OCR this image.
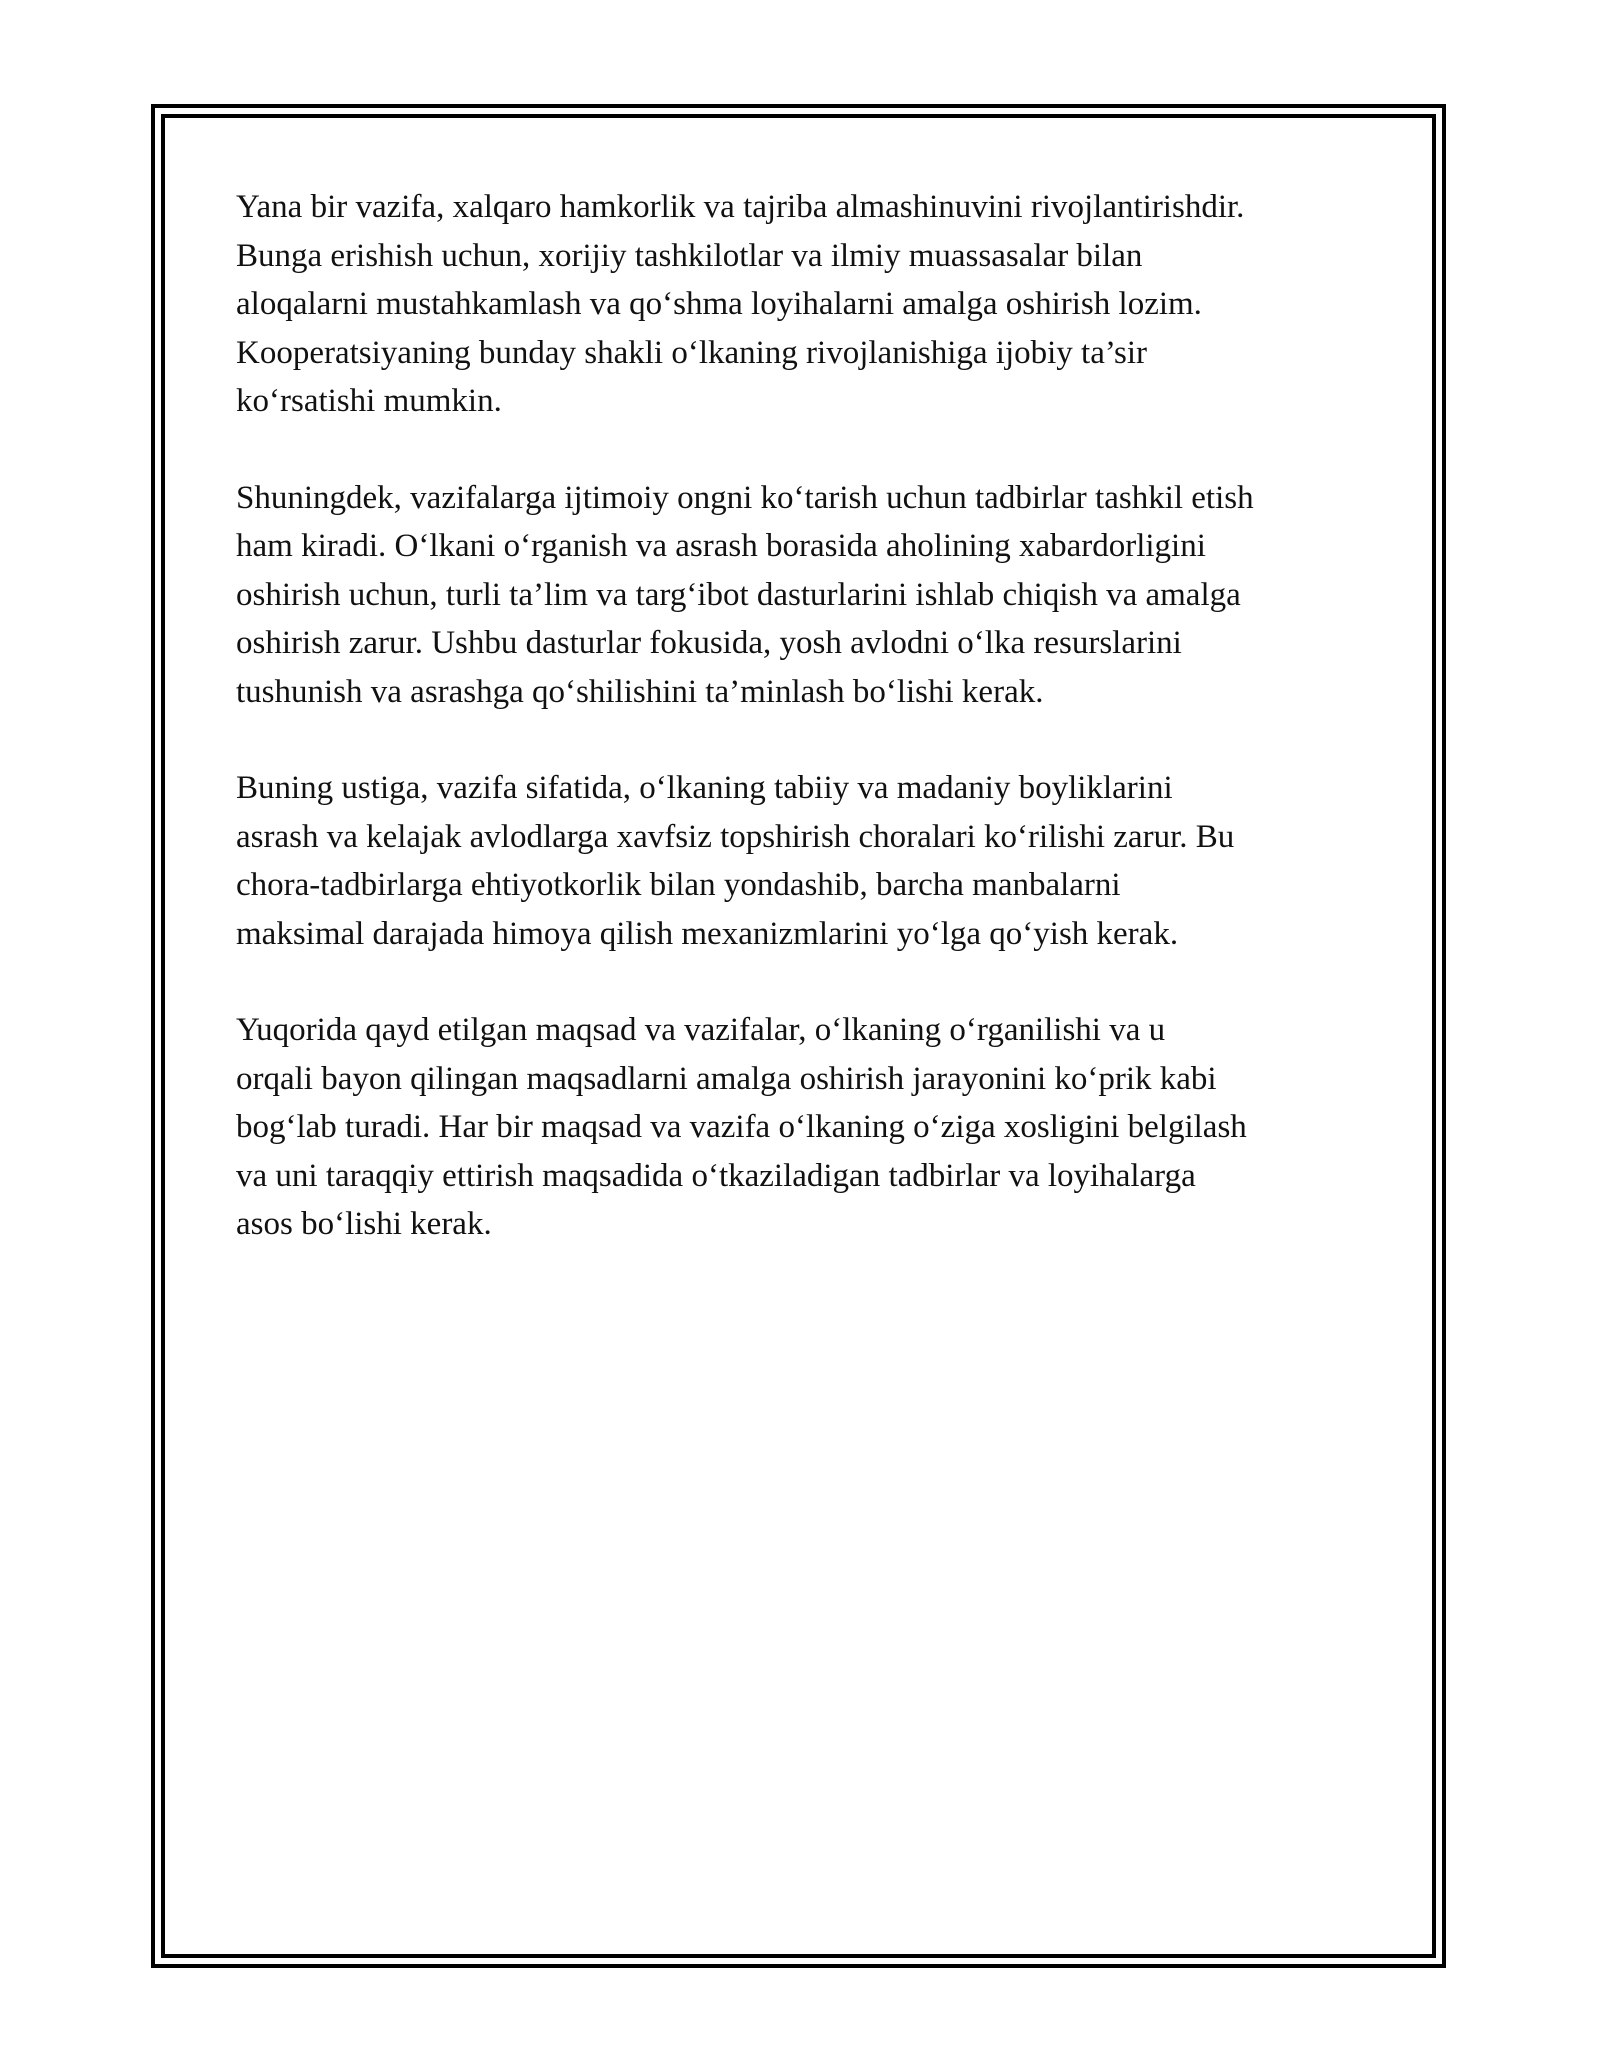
Yana bir vazifa, xalqaro hamkorlik va tajriba almashinuvini rivojlantirishdir.
Bunga erishish uchun, xorijiy tashkilotlar va ilmiy muassasalar bilan
aloqalarni mustahkamlash va qo‘shma loyihalarni amalga oshirish lozim.
Kooperatsiyaning bunday shakli o‘lkaning rivojlanishiga ijobiy ta’sir
ko‘rsatishi mumkin.

Shuningdek, vazifalarga ijtimoiy ongni ko‘tarish uchun tadbirlar tashkil etish
ham kiradi. O‘lkani o‘rganish va asrash borasida aholining xabardorligini
oshirish uchun, turli ta’lim va targ‘ibot dasturlarini ishlab chiqish va amalga
oshirish zarur. Ushbu dasturlar fokusida, yosh avlodni o‘lka resurslarini
tushunish va asrashga qo‘shilishini ta’minlash bo‘lishi kerak.

Buning ustiga, vazifa sifatida, o‘lkaning tabiiy va madaniy boyliklarini
asrash va kelajak avlodlarga xavfsiz topshirish choralari ko‘rilishi zarur. Bu
chora-tadbirlarga ehtiyotkorlik bilan yondashib, barcha manbalarni
maksimal darajada himoya qilish mexanizmlarini yo‘lga qo‘yish kerak.

Yuqorida qayd etilgan maqsad va vazifalar, o‘lkaning o‘rganilishi va u
orqali bayon qilingan maqsadlarni amalga oshirish jarayonini ko‘prik kabi
bog‘lab turadi. Har bir maqsad va vazifa o‘lkaning o‘ziga xosligini belgilash
va uni taraqqiy ettirish maqsadida o‘tkaziladigan tadbirlar va loyihalarga
asos bo‘lishi kerak.
